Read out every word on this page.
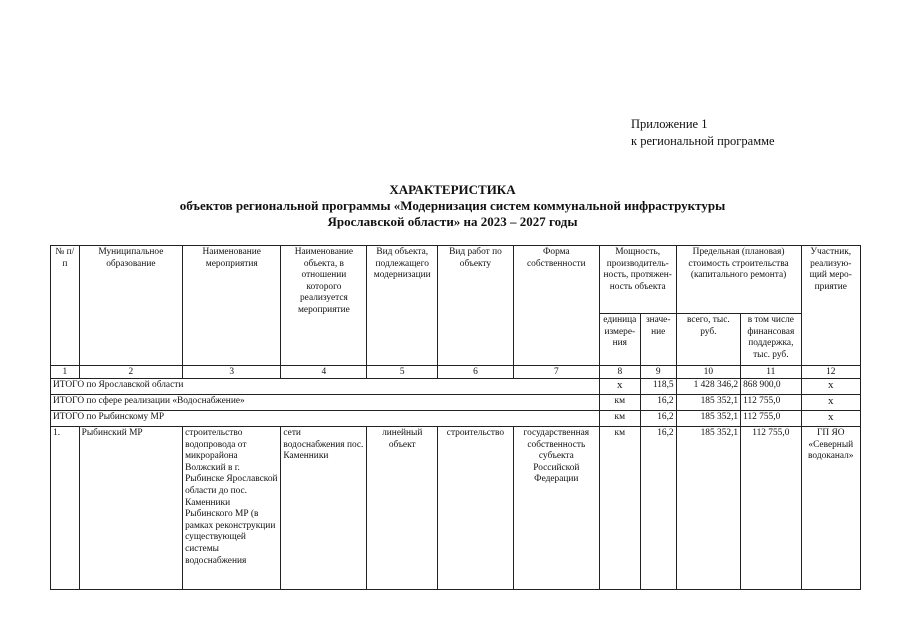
Приложение 1
к региональной программе
ХАРАКТЕРИСТИКА
объектов региональной программы «Модернизация систем коммунальной инфраструктуры
Ярославской области» на 2023 – 2027 годы
№ п/п	Муниципальное образование	Наименование мероприятия	Наименование объекта, в отношении которого реализуется мероприятие	Вид объекта, подлежащего модернизации	Вид работ по объекту	Форма собственности	Мощность, производитель-ность, протяжен-ность объекта		Предельная (плановая) стоимость строительства (капитального ремонта)		Участник, реализую-щий меро-приятие
							единица измере-ния	значе-ние	всего, тыс. руб.	в том числе финансовая поддержка, тыс. руб.	
1	2	3	4	5	6	7	8	9	10	11	12
ИТОГО по Ярославской области							х	118,5	1 428 346,2	868 900,0	х
ИТОГО по сфере реализации «Водоснабжение»							км	16,2	185 352,1	112 755,0	х
ИТОГО по Рыбинскому МР							км	16,2	185 352,1	112 755,0	х
1.	Рыбинский МР	строительство водопровода от микрорайона Волжский в г. Рыбинске Ярославской области до пос. Каменники Рыбинского МР (в рамках реконструкции существующей системы водоснабжения	сети водоснабжения пос. Каменники	линейный объект	строительство	государственная собственность субъекта Российской Федерации	км	16,2	185 352,1	112 755,0	ГП ЯО «Северный водоканал»
